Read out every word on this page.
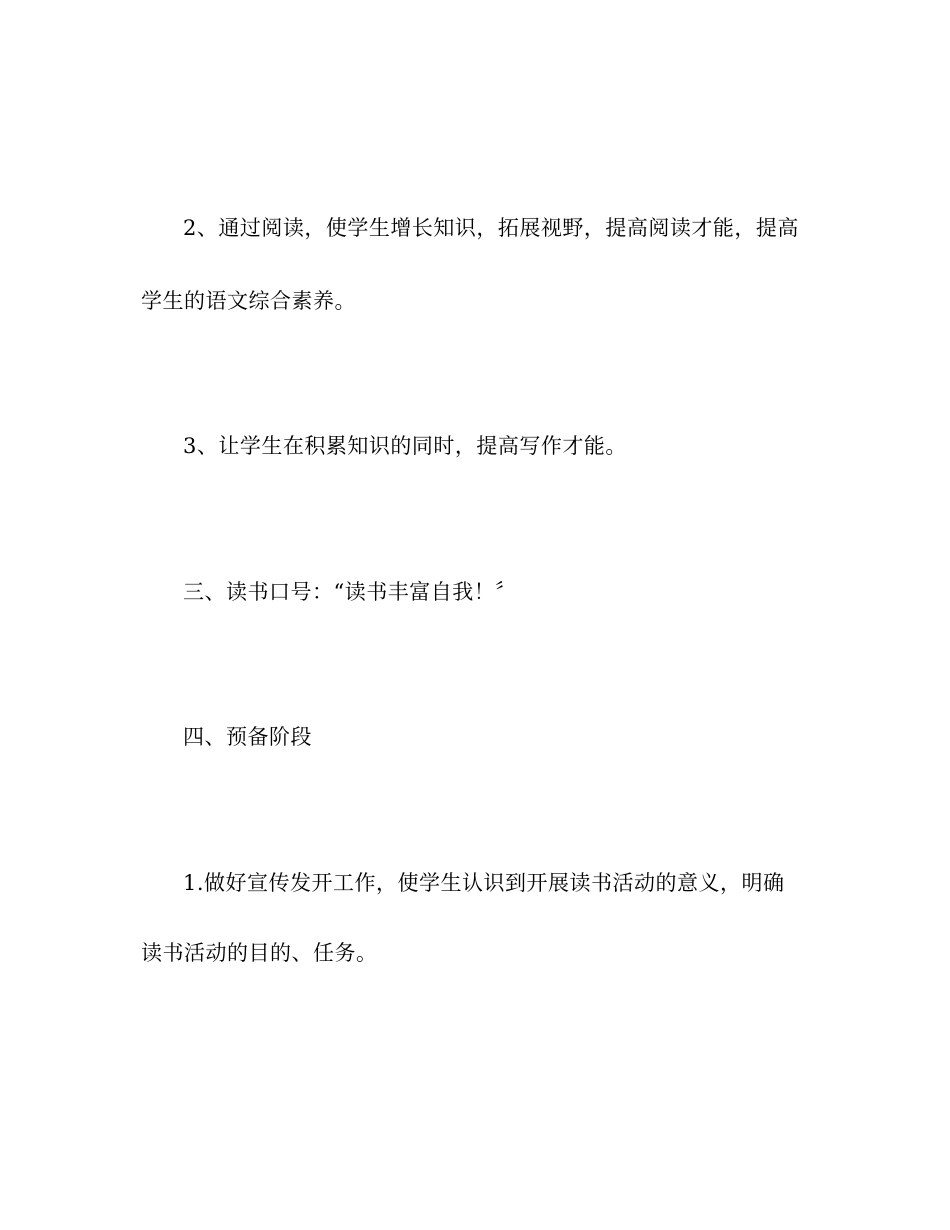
2、通过阅读，使学生增长知识，拓展视野，提高阅读才能，提高
学生的语文综合素养。
3、让学生在积累知识的同时，提高写作才能。
三、读书口号：“读书丰富自我！〞
四、预备阶段
1.做好宣传发开工作，使学生认识到开展读书活动的意义，明确
读书活动的目的、任务。
